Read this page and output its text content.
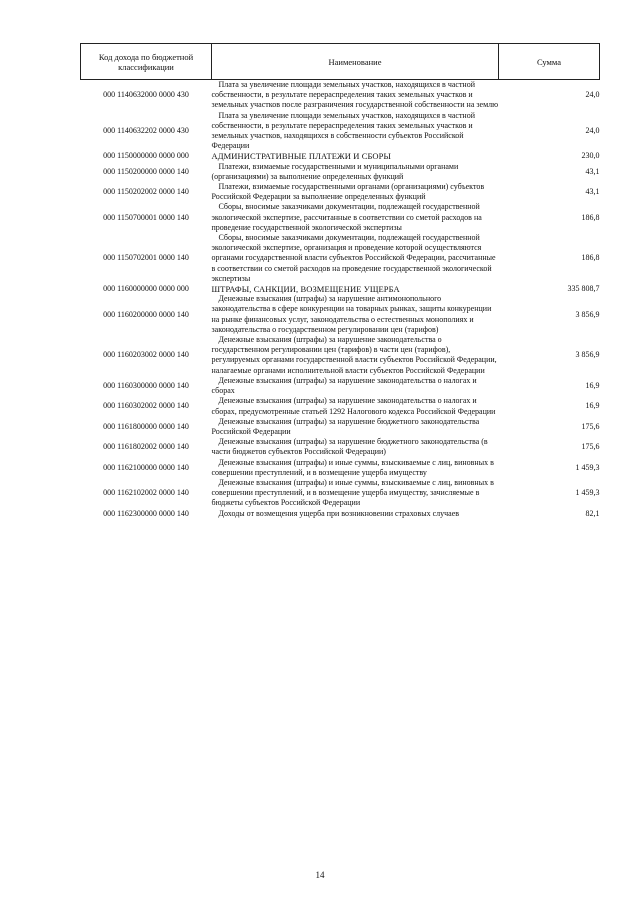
Код дохода по бюджетной классификации	Наименование	Сумма
000 1140632000 0000 430	Плата за увеличение площади земельных участков, находящихся в частной собственности, в результате перераспределения таких земельных участков и земельных участков после разграничения государственной собственности на землю	24,0
000 1140632202 0000 430	Плата за увеличение площади земельных участков, находящихся в частной собственности, в результате перераспределения таких земельных участков и земельных участков, находящихся в собственности субъектов Российской Федерации	24,0
000 1150000000 0000 000	АДМИНИСТРАТИВНЫЕ ПЛАТЕЖИ И СБОРЫ	230,0
000 1150200000 0000 140	Платежи, взимаемые государственными и муниципальными органами (организациями) за выполнение определенных функций	43,1
000 1150202002 0000 140	Платежи, взимаемые государственными органами (организациями) субъектов Российской Федерации за выполнение определенных функций	43,1
000 1150700001 0000 140	Сборы, вносимые заказчиками документации, подлежащей государственной экологической экспертизе, рассчитанные в соответствии со сметой расходов на проведение государственной экологической экспертизы	186,8
000 1150702001 0000 140	Сборы, вносимые заказчиками документации, подлежащей государственной экологической экспертизе, организация и проведение которой осуществляются органами государственной власти субъектов Российской Федерации, рассчитанные в соответствии со сметой расходов на проведение государственной экологической экспертизы	186,8
000 1160000000 0000 000	ШТРАФЫ, САНКЦИИ, ВОЗМЕЩЕНИЕ УЩЕРБА	335 808,7
000 1160200000 0000 140	Денежные взыскания (штрафы) за нарушение антимонопольного законодательства в сфере конкуренции на товарных рынках, защиты конкуренции на рынке финансовых услуг, законодательства о естественных монополиях и законодательства о государственном регулировании цен (тарифов)	3 856,9
000 1160203002 0000 140	Денежные взыскания (штрафы) за нарушение законодательства о государственном регулировании цен (тарифов) в части цен (тарифов), регулируемых органами государственной власти субъектов Российской Федерации, налагаемые органами исполнительной власти субъектов Российской Федерации	3 856,9
000 1160300000 0000 140	Денежные взыскания (штрафы) за нарушение законодательства о налогах и сборах	16,9
000 1160302002 0000 140	Денежные взыскания (штрафы) за нарушение законодательства о налогах и сборах, предусмотренные статьей 1292 Налогового кодекса Российской Федерации	16,9
000 1161800000 0000 140	Денежные взыскания (штрафы) за нарушение бюджетного законодательства Российской Федерации	175,6
000 1161802002 0000 140	Денежные взыскания (штрафы) за нарушение бюджетного законодательства (в части бюджетов субъектов Российской Федерации)	175,6
000 1162100000 0000 140	Денежные взыскания (штрафы) и иные суммы, взыскиваемые с лиц, виновных в совершении преступлений, и в возмещение ущерба имуществу	1 459,3
000 1162102002 0000 140	Денежные взыскания (штрафы) и иные суммы, взыскиваемые с лиц, виновных в совершении преступлений, и в возмещение ущерба имуществу, зачисляемые в бюджеты субъектов Российской Федерации	1 459,3
000 1162300000 0000 140	Доходы от возмещения ущерба при возникновении страховых случаев	82,1
14
